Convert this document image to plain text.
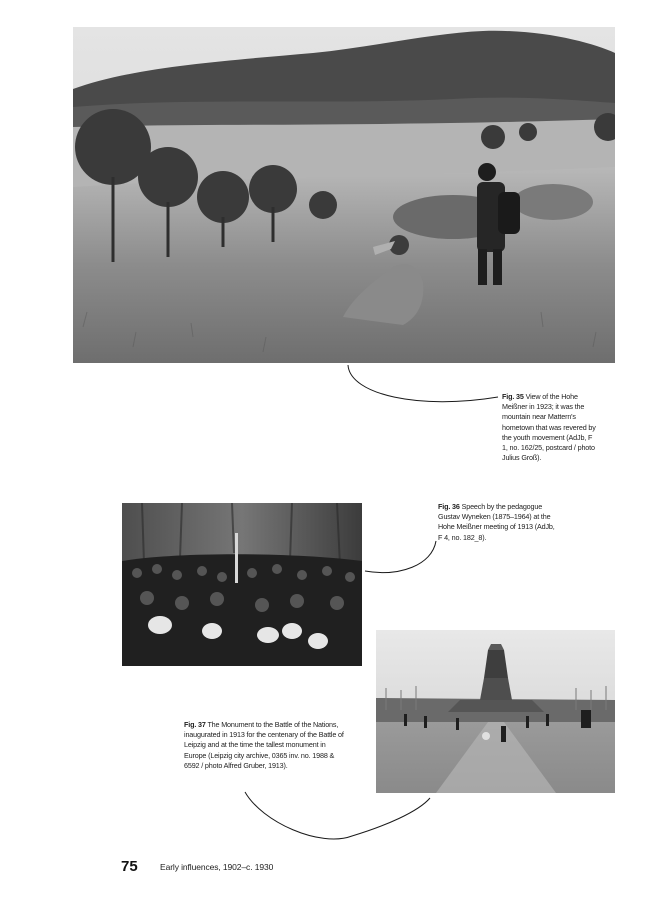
Fig. 35 View of the Hohe Meißner in 1923; it was the mountain near Mattern's hometown that was revered by the youth movement (AdJb, F 1, no. 162/25, postcard / photo Julius Groß).
Fig. 36 Speech by the pedagogue Gustav Wyneken (1875–1964) at the Hohe Meißner meeting of 1913 (AdJb, F 4, no. 182_8).
Fig. 37 The Monument to the Battle of the Nations, inaugurated in 1913 for the centenary of the Battle of Leipzig and at the time the tallest monument in Europe (Leipzig city archive, 0365 inv. no. 1988 & 6592 / photo Alfred Gruber, 1913).
75	Early influences, 1902–c. 1930
